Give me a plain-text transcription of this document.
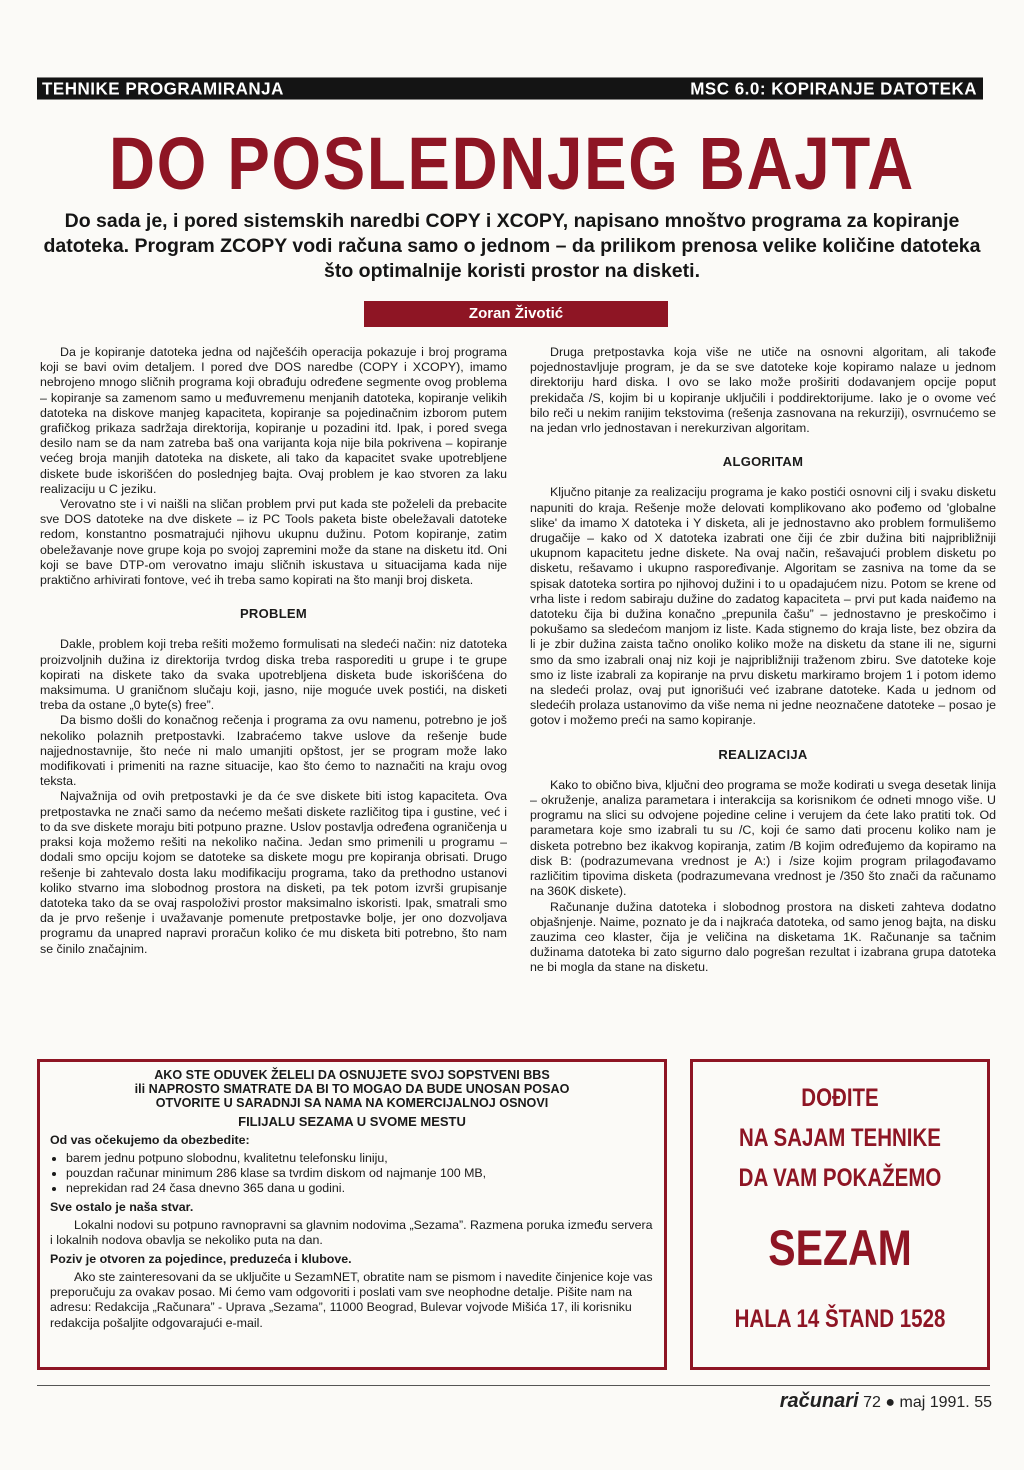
TEHNIKE PROGRAMIRANJA	MSC 6.0: KOPIRANJE DATOTEKA
DO POSLEDNJEG BAJTA
Do sada je, i pored sistemskih naredbi COPY i XCOPY, napisano mnoštvo programa za kopiranje datoteka. Program ZCOPY vodi računa samo o jednom – da prilikom prenosa velike količine datoteka što optimalnije koristi prostor na disketi.
Zoran Životić

Da je kopiranje datoteka jedna od najčešćih operacija pokazuje i broj programa koji se bavi ovim detaljem. I pored dve DOS naredbe (COPY i XCOPY), imamo nebrojeno mnogo sličnih programa koji obrađuju određene segmente ovog problema – kopiranje sa zamenom samo u međuvremenu menjanih datoteka, kopiranje velikih datoteka na diskove manjeg kapaciteta, kopiranje sa pojedinačnim izborom putem grafičkog prikaza sadržaja direktorija, kopiranje u pozadini itd. Ipak, i pored svega desilo nam se da nam zatreba baš ona varijanta koja nije bila pokrivena – kopiranje većeg broja manjih datoteka na diskete, ali tako da kapacitet svake upotrebljene diskete bude iskorišćen do poslednjeg bajta. Ovaj problem je kao stvoren za laku realizaciju u C jeziku.

Verovatno ste i vi naišli na sličan problem prvi put kada ste poželeli da prebacite sve DOS datoteke na dve diskete – iz PC Tools paketa biste obeležavali datoteke redom, konstantno posmatrajući njihovu ukupnu dužinu. Potom kopiranje, zatim obeležavanje nove grupe koja po svojoj zapremini može da stane na disketu itd. Oni koji se bave DTP-om verovatno imaju sličnih iskustava u situacijama kada nije praktično arhivirati fontove, već ih treba samo kopirati na što manji broj disketa.

PROBLEM

Dakle, problem koji treba rešiti možemo formulisati na sledeći način: niz datoteka proizvoljnih dužina iz direktorija tvrdog diska treba rasporediti u grupe i te grupe kopirati na diskete tako da svaka upotrebljena disketa bude iskorišćena do maksimuma. U graničnom slučaju koji, jasno, nije moguće uvek postići, na disketi treba da ostane „0 byte(s) free”.

Da bismo došli do konačnog rečenja i programa za ovu namenu, potrebno je još nekoliko polaznih pretpostavki. Izabraćemo takve uslove da rešenje bude najjednostavnije, što neće ni malo umanjiti opštost, jer se program može lako modifikovati i primeniti na razne situacije, kao što ćemo to naznačiti na kraju ovog teksta.

Najvažnija od ovih pretpostavki je da će sve diskete biti istog kapaciteta. Ova pretpostavka ne znači samo da nećemo mešati diskete različitog tipa i gustine, već i to da sve diskete moraju biti potpuno prazne. Uslov postavlja određena ograničenja u praksi koja možemo rešiti na nekoliko načina. Jedan smo primenili u programu – dodali smo opciju kojom se datoteke sa diskete mogu pre kopiranja obrisati. Drugo rešenje bi zahtevalo dosta laku modifikaciju programa, tako da prethodno ustanovi koliko stvarno ima slobodnog prostora na disketi, pa tek potom izvrši grupisanje datoteka tako da se ovaj raspoloživi prostor maksimalno iskoristi. Ipak, smatrali smo da je prvo rešenje i uvažavanje pomenute pretpostavke bolje, jer ono dozvoljava programu da unapred napravi proračun koliko će mu disketa biti potrebno, što nam se činilo značajnim.

Druga pretpostavka koja više ne utiče na osnovni algoritam, ali takođe pojednostavljuje program, je da se sve datoteke koje kopiramo nalaze u jednom direktoriju hard diska. I ovo se lako može proširiti dodavanjem opcije poput prekidača /S, kojim bi u kopiranje uključili i poddirektorijume. Iako je o ovome već bilo reči u nekim ranijim tekstovima (rešenja zasnovana na rekurziji), osvrnućemo se na jedan vrlo jednostavan i nerekurzivan algoritam.

ALGORITAM

Ključno pitanje za realizaciju programa je kako postići osnovni cilj i svaku disketu napuniti do kraja. Rešenje može delovati komplikovano ako pođemo od 'globalne slike' da imamo X datoteka i Y disketa, ali je jednostavno ako problem formulišemo drugačije – kako od X datoteka izabrati one čiji će zbir dužina biti najpribližniji ukupnom kapacitetu jedne diskete. Na ovaj način, rešavajući problem disketu po disketu, rešavamo i ukupno raspoređivanje. Algoritam se zasniva na tome da se spisak datoteka sortira po njihovoj dužini i to u opadajućem nizu. Potom se krene od vrha liste i redom sabiraju dužine do zadatog kapaciteta – prvi put kada naiđemo na datoteku čija bi dužina konačno „prepunila čašu” – jednostavno je preskočimo i pokušamo sa sledećom manjom iz liste. Kada stignemo do kraja liste, bez obzira da li je zbir dužina zaista tačno onoliko koliko može na disketu da stane ili ne, sigurni smo da smo izabrali onaj niz koji je najpribližniji traženom zbiru. Sve datoteke koje smo iz liste izabrali za kopiranje na prvu disketu markiramo brojem 1 i potom idemo na sledeći prolaz, ovaj put ignorišući već izabrane datoteke. Kada u jednom od sledećih prolaza ustanovimo da više nema ni jedne neoznačene datoteke – posao je gotov i možemo preći na samo kopiranje.

REALIZACIJA

Kako to obično biva, ključni deo programa se može kodirati u svega desetak linija – okruženje, analiza parametara i interakcija sa korisnikom će odneti mnogo više. U programu na slici su odvojene pojedine celine i verujem da ćete lako pratiti tok. Od parametara koje smo izabrali tu su /C, koji će samo dati procenu koliko nam je disketa potrebno bez ikakvog kopiranja, zatim /B kojim određujemo da kopiramo na disk B: (podrazumevana vrednost je A:) i /size kojim program prilagođavamo različitim tipovima disketa (podrazumevana vrednost je /350 što znači da računamo na 360K diskete).

Računanje dužina datoteka i slobodnog prostora na disketi zahteva dodatno objašnjenje. Naime, poznato je da i najkraća datoteka, od samo jenog bajta, na disku zauzima ceo klaster, čija je veličina na disketama 1K. Računanje sa tačnim dužinama datoteka bi zato sigurno dalo pogrešan rezultat i izabrana grupa datoteka ne bi mogla da stane na disketu.

AKO STE ODUVEK ŽELELI DA OSNUJETE SVOJ SOPSTVENI BBS
ili NAPROSTO SMATRATE DA BI TO MOGAO DA BUDE UNOSAN POSAO
OTVORITE U SARADNJI SA NAMA NA KOMERCIJALNOJ OSNOVI
FILIJALU SEZAMA U SVOME MESTU
Od vas očekujemo da obezbedite:
• barem jednu potpuno slobodnu, kvalitetnu telefonsku liniju,
• pouzdan računar minimum 286 klase sa tvrdim diskom od najmanje 100 MB,
• neprekidan rad 24 časa dnevno 365 dana u godini.
Sve ostalo je naša stvar.

Lokalni nodovi su potpuno ravnopravni sa glavnim nodovima „Sezama”. Razmena poruka između servera i lokalnih nodova obavlja se nekoliko puta na dan.

Poziv je otvoren za pojedince, preduzeća i klubove.

Ako ste zainteresovani da se uključite u SezamNET, obratite nam se pismom i navedite činjenice koje vas preporučuju za ovakav posao. Mi ćemo vam odgovoriti i poslati vam sve neophodne detalje. Pišite nam na adresu: Redakcija „Računara” - Uprava „Sezama”, 11000 Beograd, Bulevar vojvode Mišića 17, ili korisniku redakcija pošaljite odgovarajući e-mail.

DOĐITE
NA SAJAM TEHNIKE
DA VAM POKAŽEMO
SEZAM
HALA 14 ŠTAND 1528
računari 72 ● maj 1991. 55
